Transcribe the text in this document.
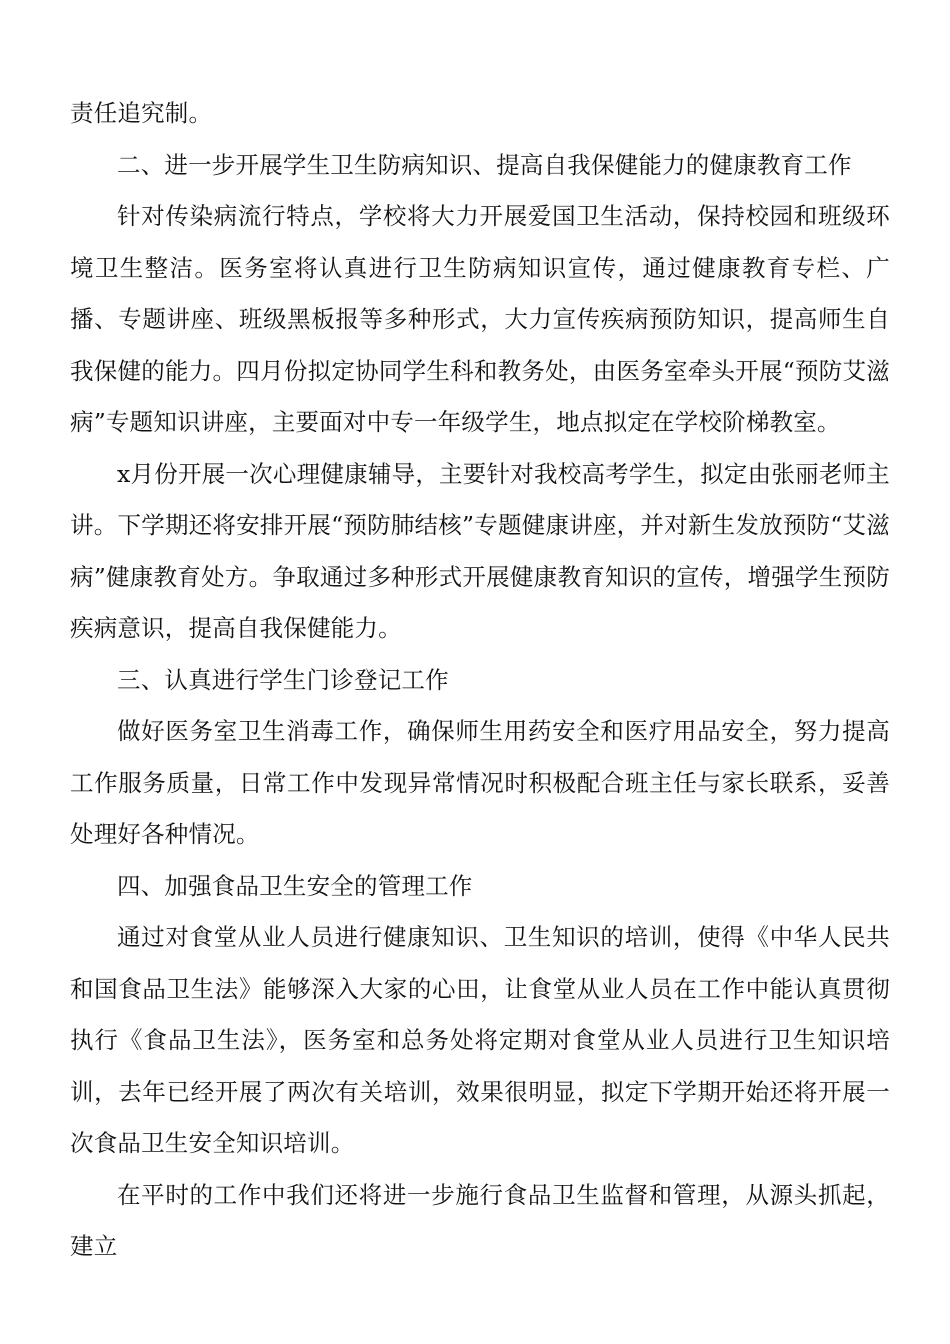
责任追究制。

二、进一步开展学生卫生防病知识、提高自我保健能力的健康教育工作

针对传染病流行特点，学校将大力开展爱国卫生活动，保持校园和班级环境卫生整洁。医务室将认真进行卫生防病知识宣传，通过健康教育专栏、广播、专题讲座、班级黑板报等多种形式，大力宣传疾病预防知识，提高师生自我保健的能力。四月份拟定协同学生科和教务处，由医务室牵头开展“预防艾滋病”专题知识讲座，主要面对中专一年级学生，地点拟定在学校阶梯教室。

x月份开展一次心理健康辅导，主要针对我校高考学生，拟定由张丽老师主讲。下学期还将安排开展“预防肺结核”专题健康讲座，并对新生发放预防“艾滋病”健康教育处方。争取通过多种形式开展健康教育知识的宣传，增强学生预防疾病意识，提高自我保健能力。

三、认真进行学生门诊登记工作

做好医务室卫生消毒工作，确保师生用药安全和医疗用品安全，努力提高工作服务质量，日常工作中发现异常情况时积极配合班主任与家长联系，妥善处理好各种情况。

四、加强食品卫生安全的管理工作

通过对食堂从业人员进行健康知识、卫生知识的培训，使得《中华人民共和国食品卫生法》能够深入大家的心田，让食堂从业人员在工作中能认真贯彻执行《食品卫生法》，医务室和总务处将定期对食堂从业人员进行卫生知识培训，去年已经开展了两次有关培训，效果很明显，拟定下学期开始还将开展一次食品卫生安全知识培训。

在平时的工作中我们还将进一步施行食品卫生监督和管理，从源头抓起，建立
